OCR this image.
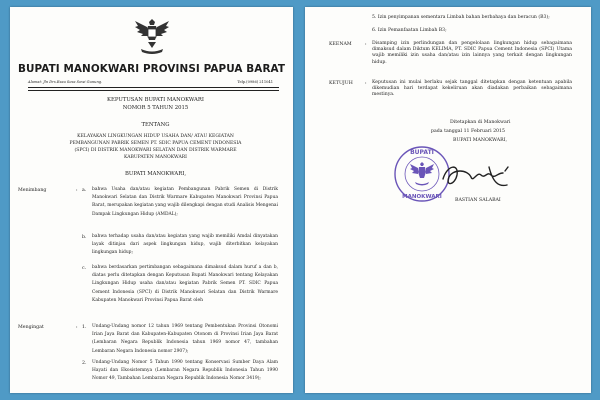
BUPATI MANOKWARI PROVINSI PAPUA BARAT
Alamat: Jln Drs.Esau Sesa Sowi Gunung.	Telp.(0986) 211041
KEPUTUSAN BUPATI MANOKWARI
NOMOR 5 TAHUN 2015
TENTANG
KELAYAKAN LINGKUNGAN HIDUP USAHA DAN/ ATAU KEGIATAN
PEMBANGUNAN PABRIK SEMEN PT. SDIC PAPUA CEMENT INDONESIA
(SPCI) DI DISTRIK MANOKWARI SELATAN DAN DISTRIK WARMARE
KABUPATEN MANOKWARI
BUPATI MANOKWARI,
Menimbang	: a. bahwa Usaha dan/atau kegiatan Pembangunan Pabrik Semen di Distrik Manokwari Selatan dan Distrik Warmare Kabupaten Manokwari Provinsi Papua Barat, merupakan kegiatan yang wajib dilengkapi dengan studi Analisis Mengenai Dampak Lingkungan Hidup (AMDAL);
b. bahwa terhadap usaha dan/atau kegiatan yang wajib memiliki Amdal dinyatakan layak ditinjau dari aspek lingkungan hidup, wajib diterbitkan kelayakan lingkungan hidup;
c. bahwa berdasarkan pertimbangan sebagaimana dimaksud dalam huruf a dan b, diatas perlu ditetapkan dengan Keputusan Bupati Manokwari tentang Kelayakan Lingkungan Hidup usaha dan/atau kegiatan Pabrik Semen PT. SDIC Papua Cement Indonesia (SPCI) di Distrik Manokwari Selatan dan Distrik Warmare Kabupaten Manokwari Provinsi Papua Barat oleh
Mengingat	: 1. Undang-Undang nomor 12 tahun 1969 tentang Pembentukan Provinsi Otonomi Irian Jaya Barat dan Kabupaten-Kabupaten Otonom di Provinsi Irian Jaya Barat (Lembaran Negara Republik Indonesia tahun 1969 nomor 47, tambahan Lembaran Negara Indonesia nomor 2907);
2. Undang-Undang Nomor 5 Tahun 1990 tentang Konservasi Sumber Daya Alam Hayati dan Ekosistemnya (Lembaran Negara Republik Indonesia Tahun 1990 Nomor 49, Tambahan Lembaran Negara Republik Indonesia Nomor 3419);
5. Izin penyimpanan sementara Limbah bahan berbahaya dan beracun (B3);
6. Izin Pemanfaatan Limbah B3;
KEENAM	: Disamping izin perlindungan dan pengelolaan lingkungan hidup sebagaimana dimaksud dalam Diktum KELIMA, PT. SDIC Papua Cement Indonesia (SPCI) Utama wajib memiliki izin usaha dan/atau izin lainnya yang terkait dengan lingkungan hidup.
KETUJUH	: Keputusan ini mulai berlaku sejak tanggal ditetapkan dengan ketentuan apabila dikemudian hari terdapat kekeliruan akan diadakan perbaikan sebagaimana mestinya.
Ditetapkan di Manokwari
pada tanggal 11 Februari 2015
BUPATI MANOKWARI,
BUPATI
MANOKWARI
BASTIAN SALABAI
